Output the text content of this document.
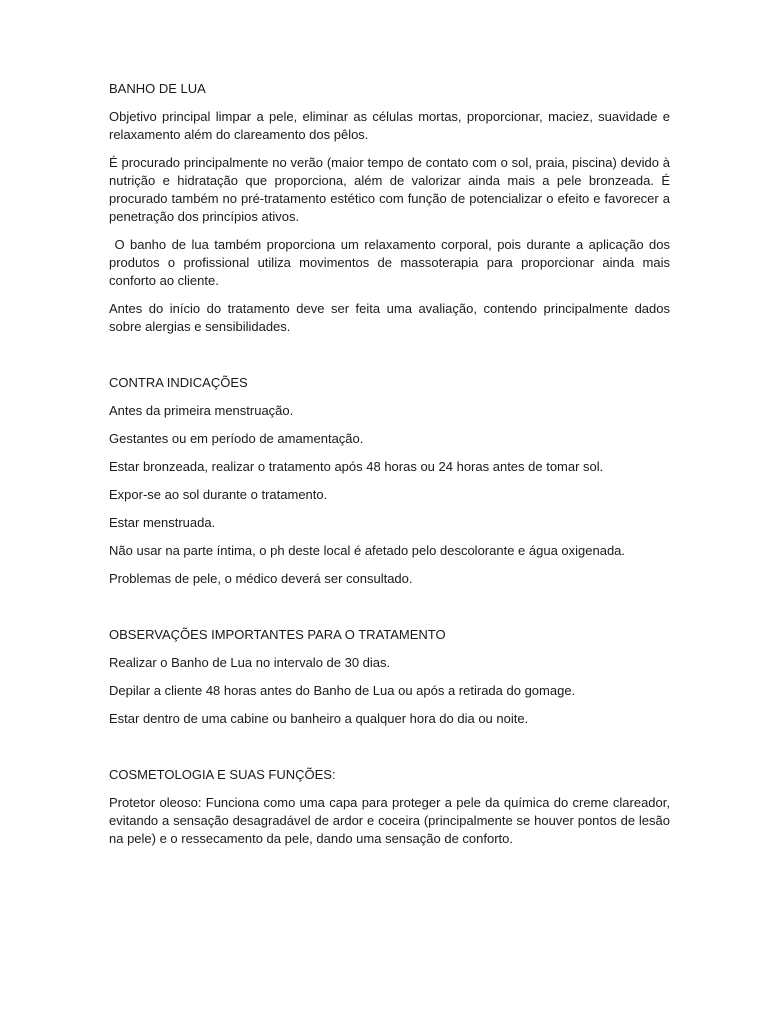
BANHO DE LUA

Objetivo principal limpar a pele, eliminar as células mortas, proporcionar, maciez, suavidade e relaxamento além do clareamento dos pêlos.

É procurado principalmente no verão (maior tempo de contato com o sol, praia, piscina) devido à nutrição e hidratação que proporciona, além de valorizar ainda mais a pele bronzeada. É procurado também no pré-tratamento estético com função de potencializar o efeito e favorecer a penetração dos princípios ativos.

O banho de lua também proporciona um relaxamento corporal, pois durante a aplicação dos produtos o profissional utiliza movimentos de massoterapia para proporcionar ainda mais conforto ao cliente.

Antes do início do tratamento deve ser feita uma avaliação, contendo principalmente dados sobre alergias e sensibilidades.

CONTRA INDICAÇÕES

Antes da primeira menstruação.

Gestantes ou em período de amamentação.

Estar bronzeada, realizar o tratamento após 48 horas ou 24 horas antes de tomar sol.

Expor-se ao sol durante o tratamento.

Estar menstruada.

Não usar na parte íntima, o ph deste local é afetado pelo descolorante e água oxigenada.

Problemas de pele, o médico deverá ser consultado.

OBSERVAÇÕES IMPORTANTES PARA O TRATAMENTO

Realizar o Banho de Lua no intervalo de 30 dias.

Depilar a cliente 48 horas antes do Banho de Lua ou após a retirada do gomage.

Estar dentro de uma cabine ou banheiro a qualquer hora do dia ou noite.

COSMETOLOGIA E SUAS FUNÇÕES:

Protetor oleoso: Funciona como uma capa para proteger a pele da química do creme clareador, evitando a sensação desagradável de ardor e coceira (principalmente se houver pontos de lesão na pele) e o ressecamento da pele, dando uma sensação de conforto.
